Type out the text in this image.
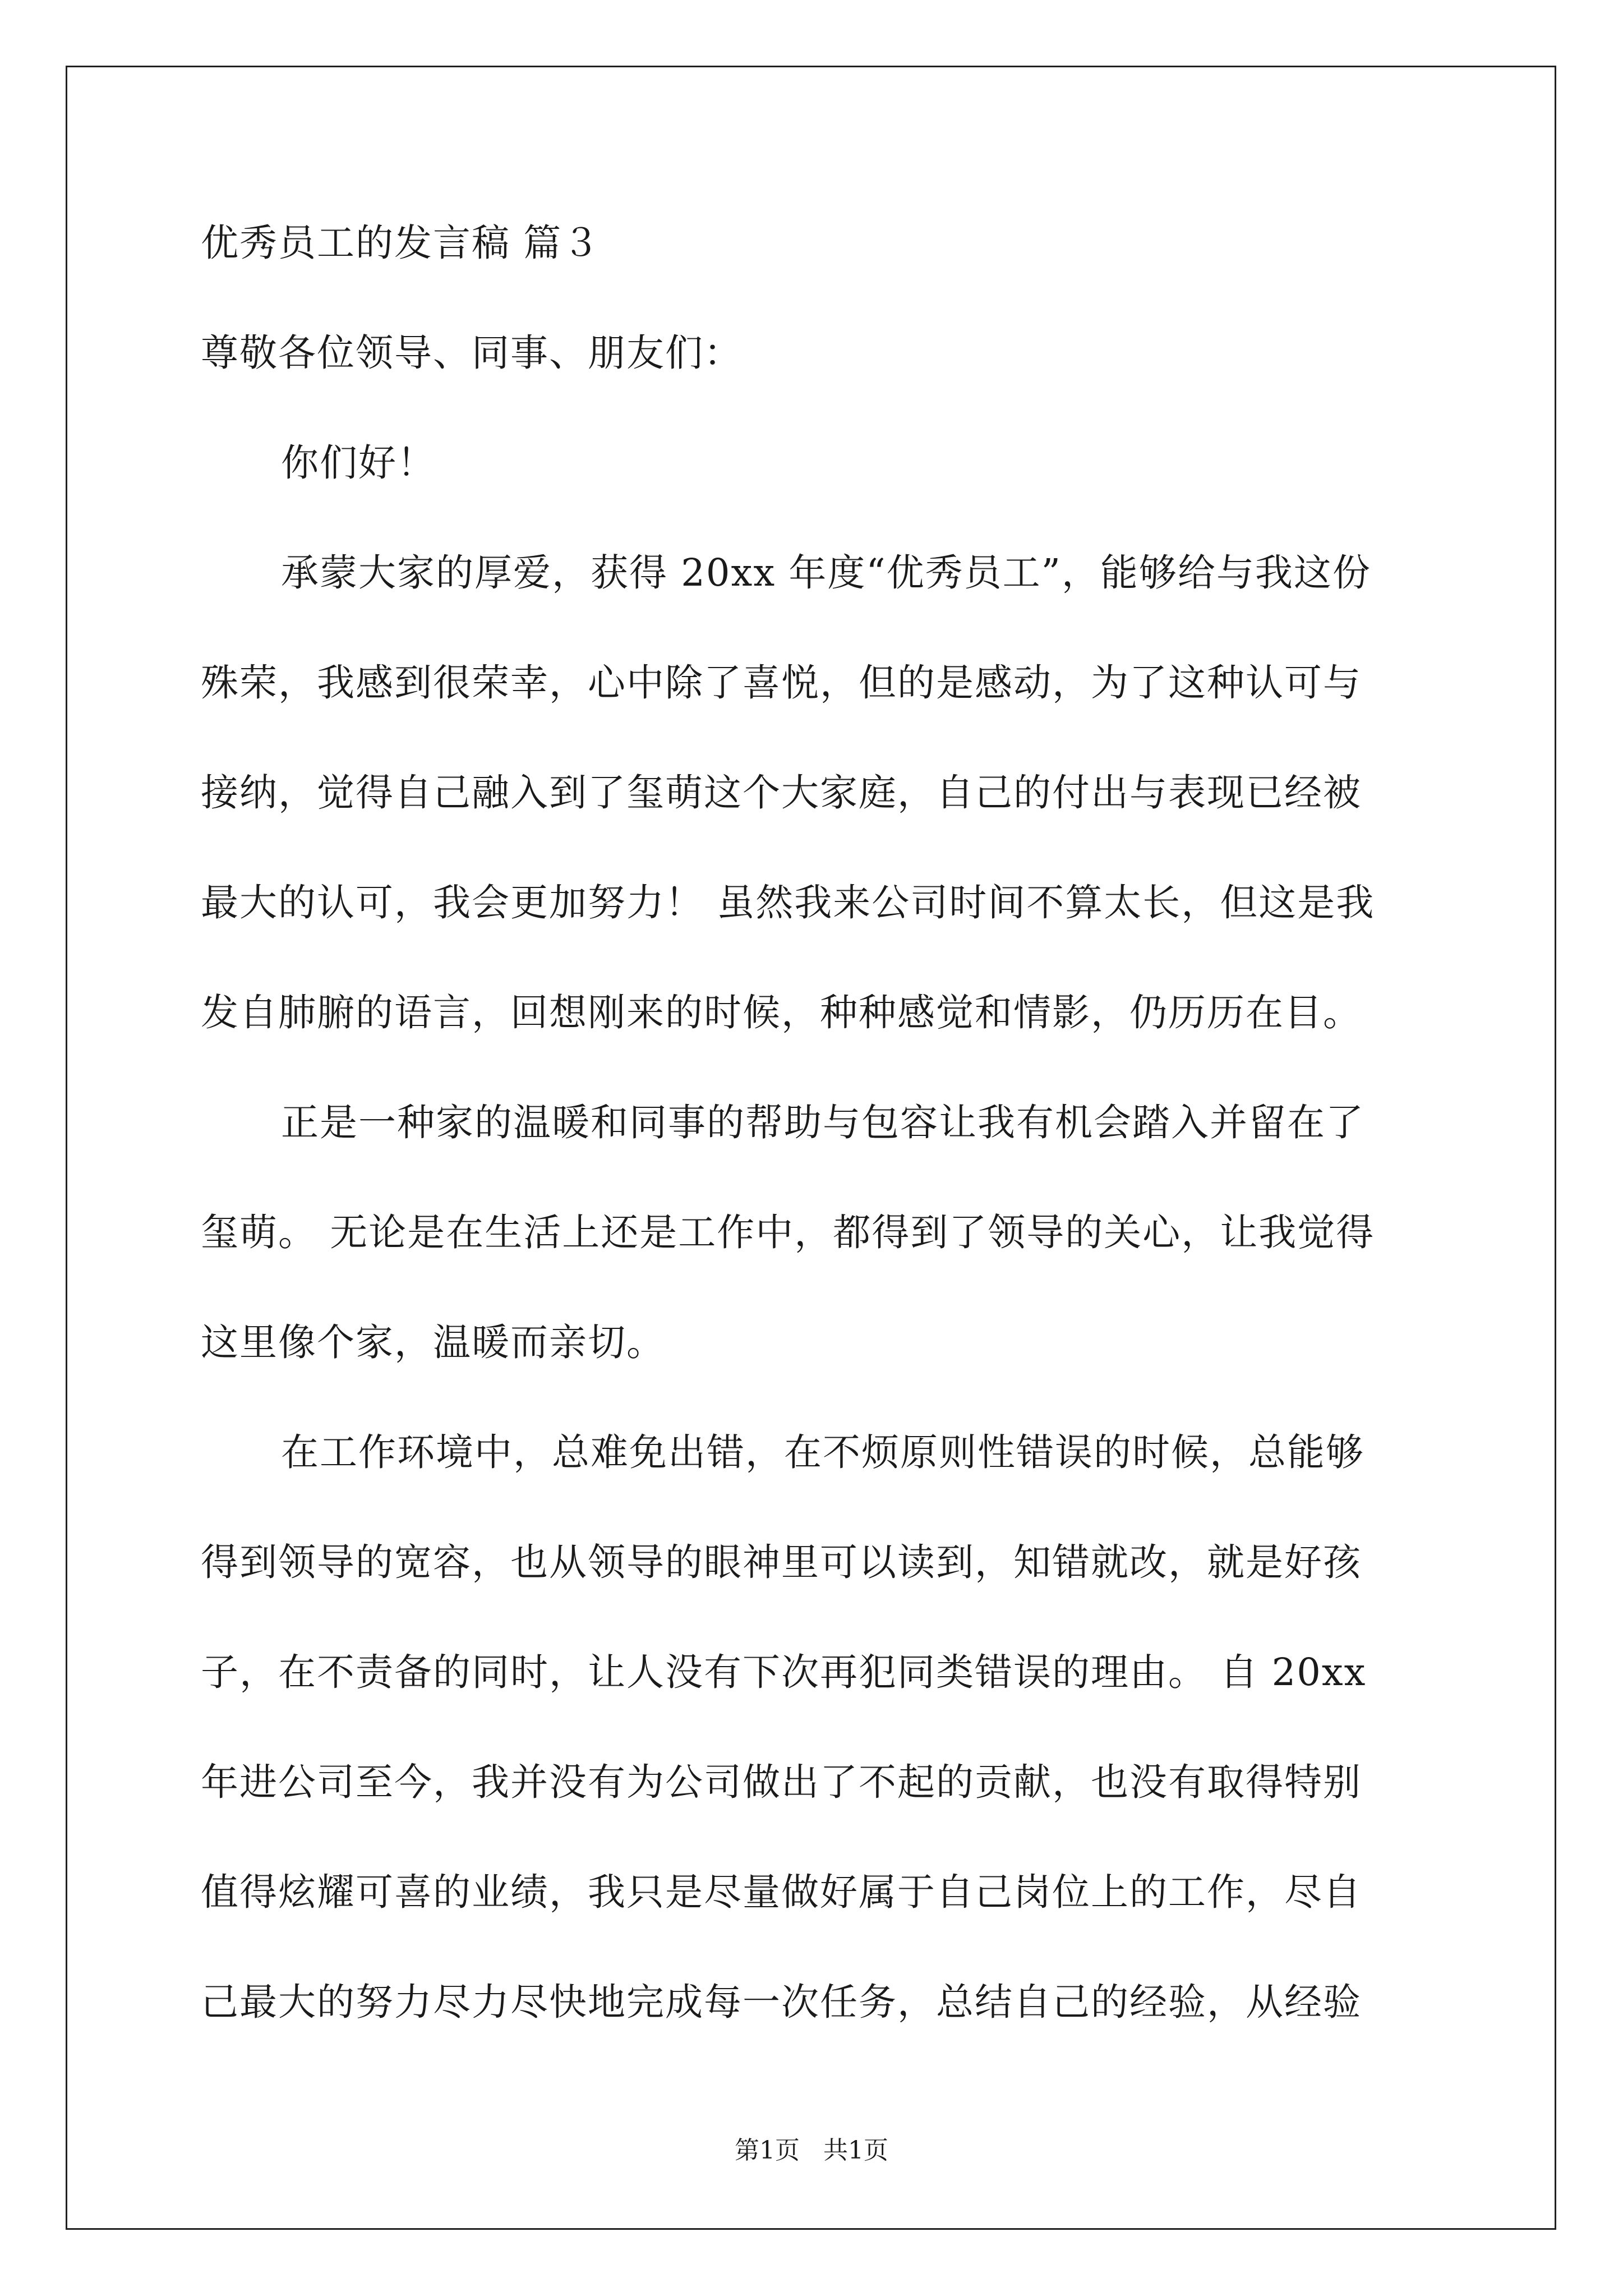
优秀员工的发言稿 篇３
尊敬各位领导、同事、朋友们：
你们好！
承蒙大家的厚爱，获得 20xx 年度“优秀员工”，能够给与我这份
殊荣，我感到很荣幸，心中除了喜悦，但的是感动，为了这种认可与
接纳，觉得自己融入到了玺萌这个大家庭，自己的付出与表现已经被
最大的认可，我会更加努力！ 虽然我来公司时间不算太长，但这是我
发自肺腑的语言，回想刚来的时候，种种感觉和情影，仍历历在目。
正是一种家的温暖和同事的帮助与包容让我有机会踏入并留在了
玺萌。 无论是在生活上还是工作中，都得到了领导的关心，让我觉得
这里像个家，温暖而亲切。
在工作环境中，总难免出错，在不烦原则性错误的时候，总能够
得到领导的宽容，也从领导的眼神里可以读到，知错就改，就是好孩
子，在不责备的同时，让人没有下次再犯同类错误的理由。 自 20xx
年进公司至今，我并没有为公司做出了不起的贡献，也没有取得特别
值得炫耀可喜的业绩，我只是尽量做好属于自己岗位上的工作，尽自
己最大的努力尽力尽快地完成每一次任务，总结自己的经验，从经验
第1页   共1页
